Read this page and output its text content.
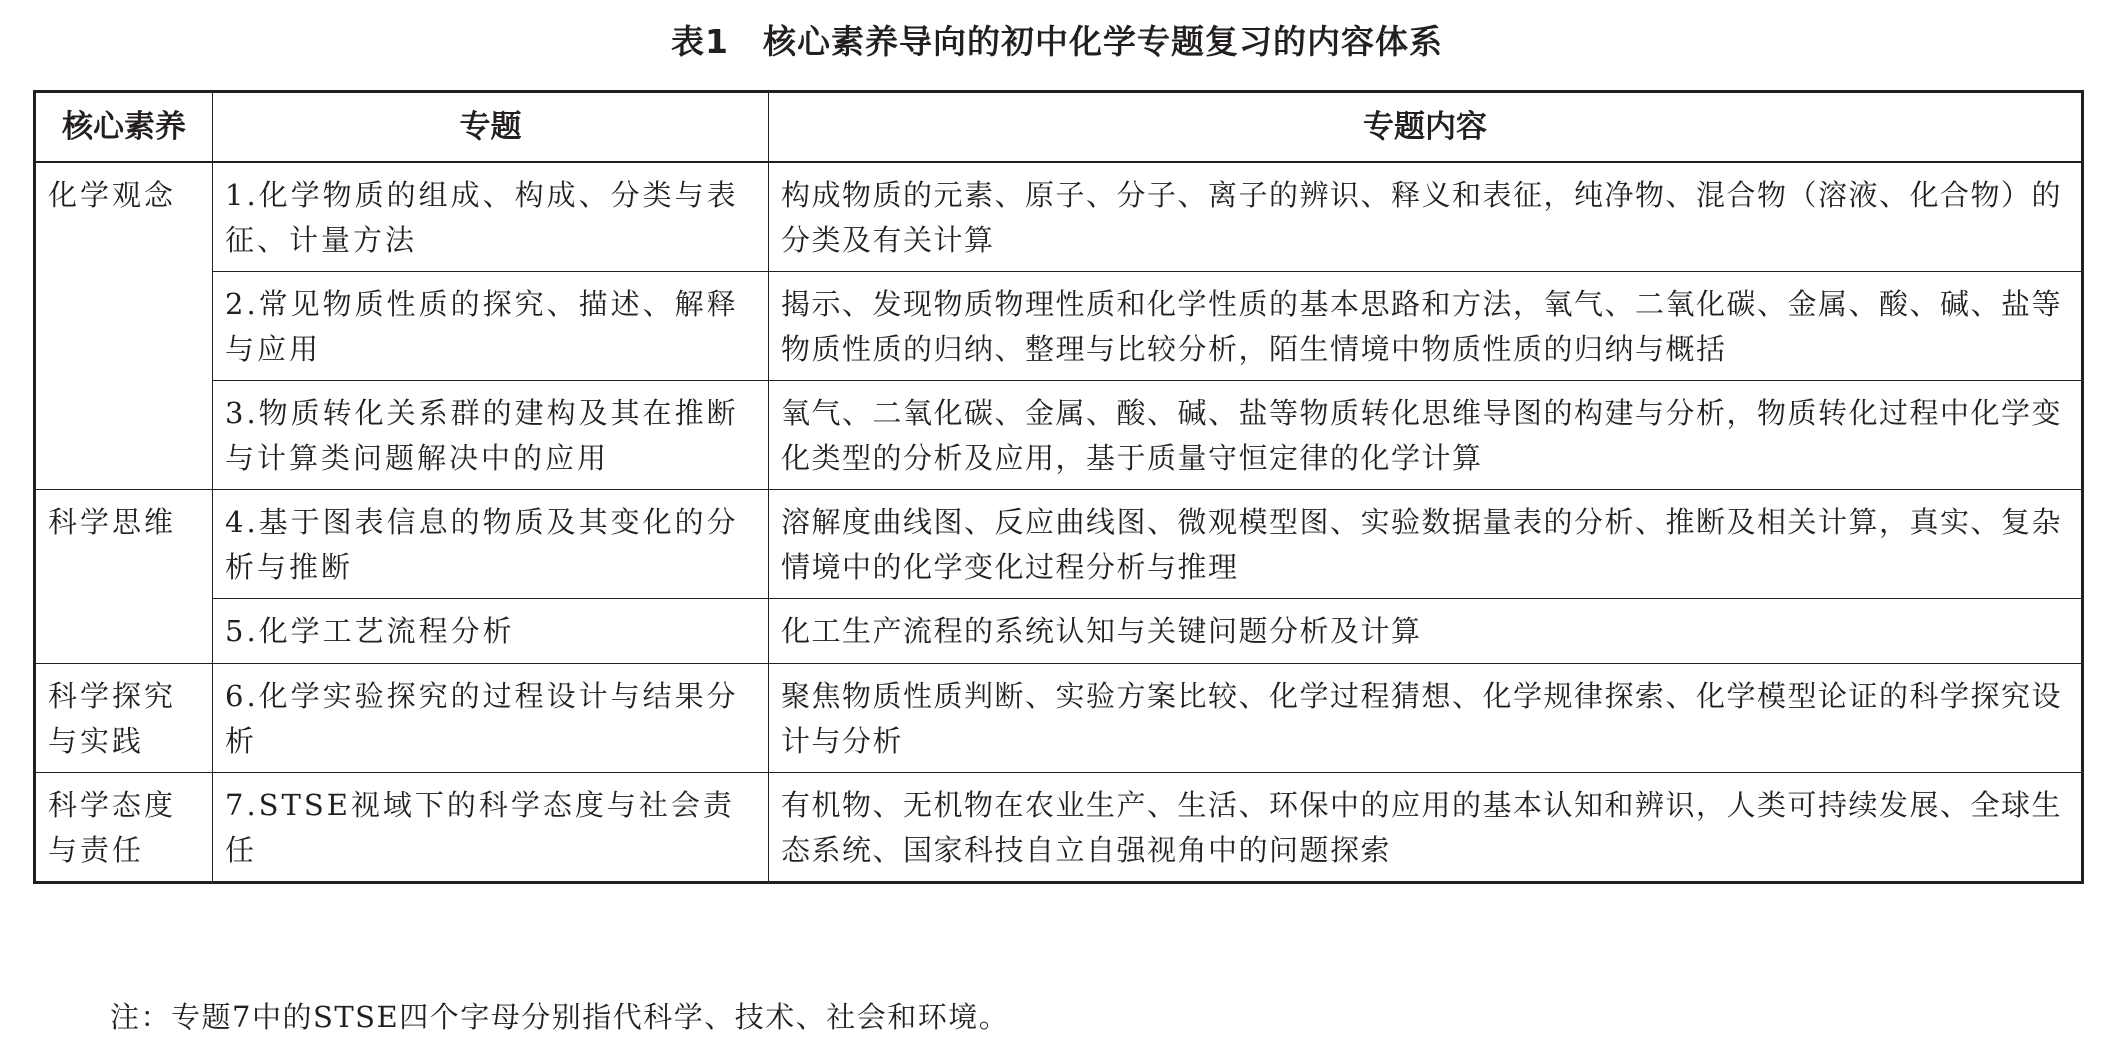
表1　核心素养导向的初中化学专题复习的内容体系
核心素养	专题	专题内容
化学观念	1.化学物质的组成、构成、分类与表征、计量方法	构成物质的元素、原子、分子、离子的辨识、释义和表征，纯净物、混合物（溶液、化合物）的分类及有关计算
	2.常见物质性质的探究、描述、解释与应用	揭示、发现物质物理性质和化学性质的基本思路和方法，氧气、二氧化碳、金属、酸、碱、盐等物质性质的归纳、整理与比较分析，陌生情境中物质性质的归纳与概括
	3.物质转化关系群的建构及其在推断与计算类问题解决中的应用	氧气、二氧化碳、金属、酸、碱、盐等物质转化思维导图的构建与分析，物质转化过程中化学变化类型的分析及应用，基于质量守恒定律的化学计算
科学思维	4.基于图表信息的物质及其变化的分析与推断	溶解度曲线图、反应曲线图、微观模型图、实验数据量表的分析、推断及相关计算，真实、复杂情境中的化学变化过程分析与推理
	5.化学工艺流程分析	化工生产流程的系统认知与关键问题分析及计算
科学探究与实践	6.化学实验探究的过程设计与结果分析	聚焦物质性质判断、实验方案比较、化学过程猜想、化学规律探索、化学模型论证的科学探究设计与分析
科学态度与责任	7.STSE视域下的科学态度与社会责任	有机物、无机物在农业生产、生活、环保中的应用的基本认知和辨识，人类可持续发展、全球生态系统、国家科技自立自强视角中的问题探索
注：专题7中的STSE四个字母分别指代科学、技术、社会和环境。
